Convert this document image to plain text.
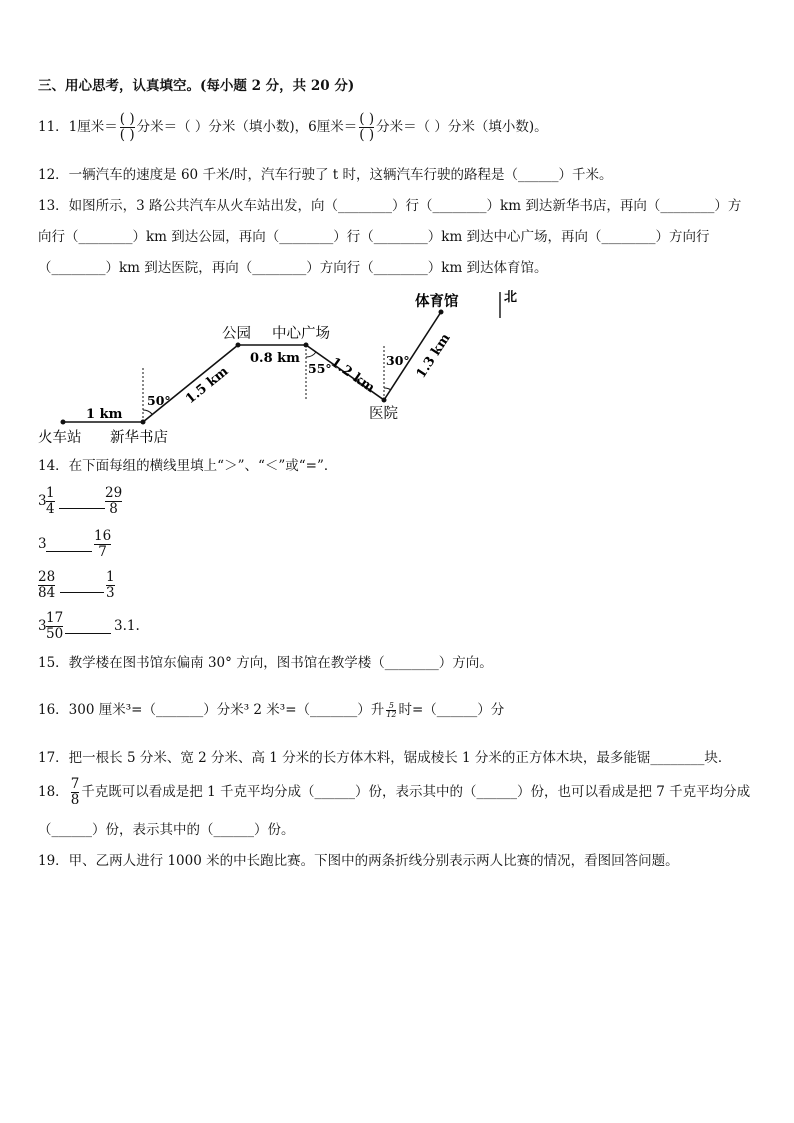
三、用心思考，认真填空。(每小题 2 分，共 20 分)
11．1厘米＝ ( )
( ) 分米＝（ ）分米（填小数)，6厘米＝ ( )
( ) 分米＝（ ）分米（填小数)。
12．一辆汽车的速度是 60 千米/时，汽车行驶了 t 时，这辆汽车行驶的路程是（______）千米。
13．如图所示，3 路公共汽车从火车站出发，向（________）行（________）km 到达新华书店，再向（________）方
向行（________）km 到达公园，再向（________）行（________）km 到达中心广场，再向（________）方向行
（________）km 到达医院，再向（________）方向行（________）km 到达体育馆。
北
体育馆
公园 中心广场
医院
火车站 新华书店
1 km
1.5 km
0.8 km 1.2 km	1.3 km
50°
55°
30°
14．在下面每组的横线里填上“＞”、“＜”或“=”．
3 1
4
29
8
3	16
7
28
84
1
3
3 17
50	3.1.
15．教学楼在图书馆东偏南 30° 方向，图书馆在教学楼（________）方向。
16．300 厘米³=（_______）分米³ 2 米³=（_______）升 $\frac{5}{12}$ 时=（______）分
17．把一根长 5 分米、宽 2 分米、高 1 分米的长方体木料，锯成棱长 1 分米的正方体木块，最多能锯________块．
18． $\frac{7}{8}$ 千克既可以看成是把 1 千克平均分成（______）份，表示其中的（______）份，也可以看成是把 7 千克平均分成
（______）份，表示其中的（______）份。
19．甲、乙两人进行 1000 米的中长跑比赛。下图中的两条折线分别表示两人比赛的情况，看图回答问题。
